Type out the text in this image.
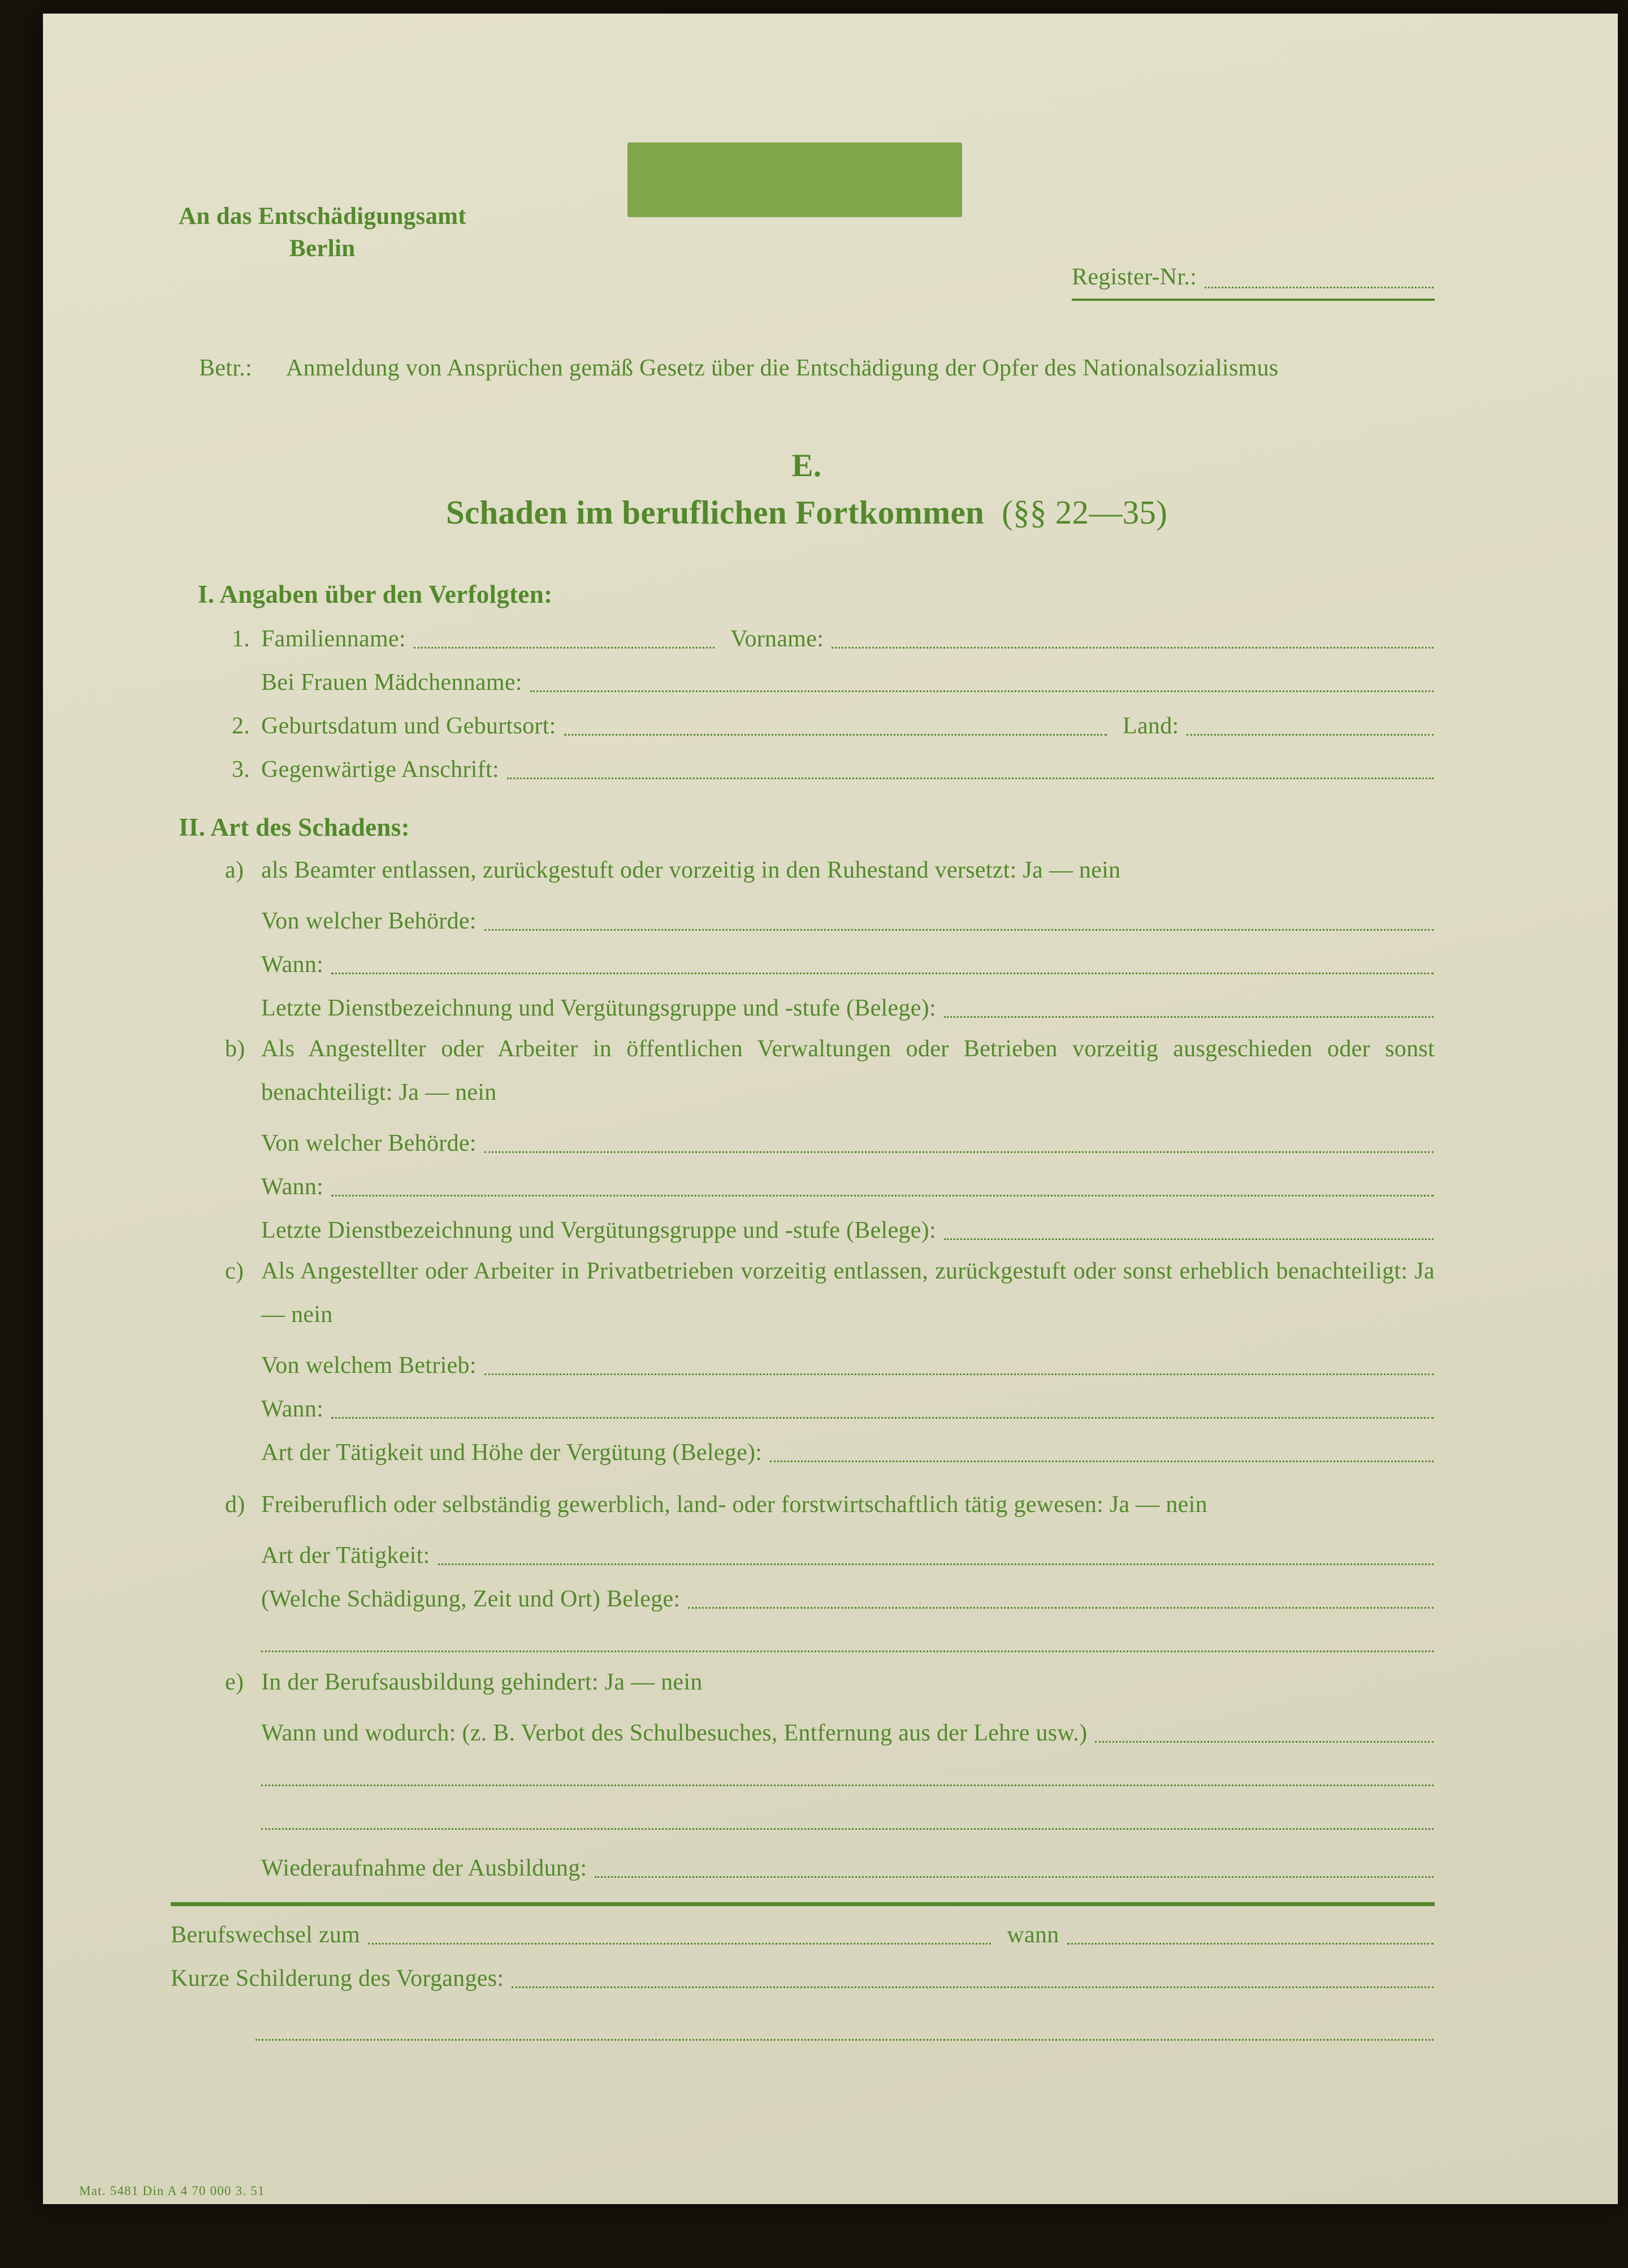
An das Entschädigungsamt
Berlin
Register-Nr.:
Betr.: Anmeldung von Ansprüchen gemäß Gesetz über die Entschädigung der Opfer des Nationalsozialismus
E.
Schaden im beruflichen Fortkommen (§§ 22—35)
I. Angaben über den Verfolgten:
1. Familienname:	Vorname:
Bei Frauen Mädchenname:
2. Geburtsdatum und Geburtsort:	Land:
3. Gegenwärtige Anschrift:
II. Art des Schadens:
a) als Beamter entlassen, zurückgestuft oder vorzeitig in den Ruhestand versetzt: Ja — nein
Von welcher Behörde:
Wann:
Letzte Dienstbezeichnung und Vergütungsgruppe und -stufe (Belege):
b) Als Angestellter oder Arbeiter in öffentlichen Verwaltungen oder Betrieben vorzeitig ausgeschieden oder sonst benachteiligt: Ja — nein
Von welcher Behörde:
Wann:
Letzte Dienstbezeichnung und Vergütungsgruppe und -stufe (Belege):
c) Als Angestellter oder Arbeiter in Privatbetrieben vorzeitig entlassen, zurückgestuft oder sonst erheblich benachteiligt: Ja — nein
Von welchem Betrieb:
Wann:
Art der Tätigkeit und Höhe der Vergütung (Belege):
d) Freiberuflich oder selbständig gewerblich, land- oder forstwirtschaftlich tätig gewesen: Ja — nein
Art der Tätigkeit:
(Welche Schädigung, Zeit und Ort) Belege:
e) In der Berufsausbildung gehindert: Ja — nein
Wann und wodurch: (z. B. Verbot des Schulbesuches, Entfernung aus der Lehre usw.)
Wiederaufnahme der Ausbildung:
Berufswechsel zum	wann
Kurze Schilderung des Vorganges:
Mat. 5481 Din A 4 70 000 3. 51
